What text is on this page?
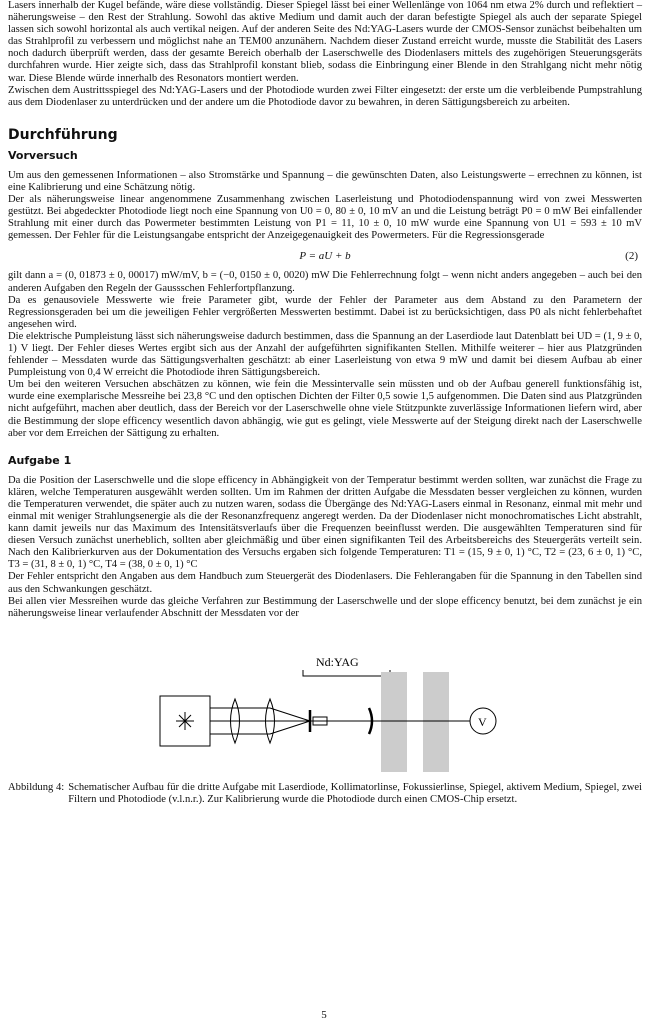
Lasers innerhalb der Kugel befände, wäre diese vollständig. Dieser Spiegel lässt bei einer Wellenlänge von 1064 nm etwa 2% durch und reflektiert – näherungsweise – den Rest der Strahlung. Sowohl das aktive Medium und damit auch der daran befestigte Spiegel als auch der separate Spiegel lassen sich sowohl horizontal als auch vertikal neigen. Auf der anderen Seite des Nd:YAG-Lasers wurde der CMOS-Sensor zunächst beibehalten um das Strahlprofil zu verbessern und möglichst nahe an TEM00 anzunähern. Nachdem dieser Zustand erreicht wurde, musste die Stabilität des Lasers noch dadurch überprüft werden, dass der gesamte Bereich oberhalb der Laserschwelle des Diodenlasers mittels des zugehörigen Steuerungsgeräts durchfahren wurde. Hier zeigte sich, dass das Strahlprofil konstant blieb, sodass die Einbringung einer Blende in den Strahlgang nicht mehr nötig war. Diese Blende würde innerhalb des Resonators montiert werden.

Zwischen dem Austrittsspiegel des Nd:YAG-Lasers und der Photodiode wurden zwei Filter eingesetzt: der erste um die verbleibende Pumpstrahlung aus dem Diodenlaser zu unterdrücken und der andere um die Photodiode davor zu bewahren, in deren Sättigungsbereich zu arbeiten.

Durchführung
Vorversuch

Um aus den gemessenen Informationen – also Stromstärke und Spannung – die gewünschten Daten, also Leistungswerte – errechnen zu können, ist eine Kalibrierung und eine Schätzung nötig.

Der als näherungsweise linear angenommene Zusammenhang zwischen Laserleistung und Photodiodenspannung wird von zwei Messwerten gestützt. Bei abgedeckter Photodiode liegt noch eine Spannung von U0 = 0, 80 ± 0, 10 mV an und die Leistung beträgt P0 = 0 mW Bei einfallender Strahlung mit einer durch das Powermeter bestimmten Leistung von P1 = 11, 10 ± 0, 10 mW wurde eine Spannung von U1 = 593 ± 10 mV gemessen. Der Fehler für die Leistungsangabe entspricht der Anzeigegenauigkeit des Powermeters. Für die Regressionsgerade

P = aU + b	(2)

gilt dann a = (0, 01873 ± 0, 00017) mW/mV, b = (−0, 0150 ± 0, 0020) mW Die Fehlerrechnung folgt – wenn nicht anders angegeben – auch bei den anderen Aufgaben den Regeln der Gaussschen Fehlerfortpflanzung.

Da es genausoviele Messwerte wie freie Parameter gibt, wurde der Fehler der Parameter aus dem Abstand zu den Parametern der Regressionsgeraden bei um die jeweiligen Fehler vergrößerten Messwerten bestimmt. Dabei ist zu berücksichtigen, dass P0 als nicht fehlerbehaftet angesehen wird.

Die elektrische Pumpleistung lässt sich näherungsweise dadurch bestimmen, dass die Spannung an der Laserdiode laut Datenblatt bei UD = (1, 9 ± 0, 1) V liegt. Der Fehler dieses Wertes ergibt sich aus der Anzahl der aufgeführten signifikanten Stellen. Mithilfe weiterer – hier aus Platzgründen fehlender – Messdaten wurde das Sättigungsverhalten geschätzt: ab einer Laserleistung von etwa 9 mW und damit bei diesem Aufbau ab einer Pumpleistung von 0,4 W erreicht die Photodiode ihren Sättigungsbereich.

Um bei den weiteren Versuchen abschätzen zu können, wie fein die Messintervalle sein müssten und ob der Aufbau generell funktionsfähig ist, wurde eine exemplarische Messreihe bei 23,8 °C und den optischen Dichten der Filter 0,5 sowie 1,5 aufgenommen. Die Daten sind aus Platzgründen nicht aufgeführt, machen aber deutlich, dass der Bereich vor der Laserschwelle ohne viele Stützpunkte zuverlässige Informationen liefern wird, aber die Bestimmung der slope efficency wesentlich davon abhängig, wie gut es gelingt, viele Messwerte auf der Steigung direkt nach der Laserschwelle aber vor dem Erreichen der Sättigung zu erhalten.

Aufgabe 1

Da die Position der Laserschwelle und die slope efficency in Abhängigkeit von der Temperatur bestimmt werden sollten, war zunächst die Frage zu klären, welche Temperaturen ausgewählt werden sollten. Um im Rahmen der dritten Aufgabe die Messdaten besser vergleichen zu können, wurden die Temperaturen verwendet, die später auch zu nutzen waren, sodass die Übergänge des Nd:YAG-Lasers einmal in Resonanz, einmal mit mehr und einmal mit weniger Strahlungsenergie als die der Resonanzfrequenz angeregt werden. Da der Diodenlaser nicht monochromatisches Licht abstrahlt, kann damit jeweils nur das Maximum des Intensitätsverlaufs über die Frequenzen beeinflusst werden. Die ausgewählten Temperaturen sind für diesen Versuch zunächst unerheblich, sollten aber gleichmäßig und über einen signifikanten Teil des Arbeitsbereichs des Steuergeräts verteilt sein. Nach den Kalibrierkurven aus der Dokumentation des Versuchs ergaben sich folgende Temperaturen: T1 = (15, 9 ± 0, 1) °C, T2 = (23, 6 ± 0, 1) °C, T3 = (31, 8 ± 0, 1) °C, T4 = (38, 0 ± 0, 1) °C

Der Fehler entspricht den Angaben aus dem Handbuch zum Steuergerät des Diodenlasers. Die Fehlerangaben für die Spannung in den Tabellen sind aus den Schwankungen geschätzt.

Bei allen vier Messreihen wurde das gleiche Verfahren zur Bestimmung der Laserschwelle und der slope efficency benutzt, bei dem zunächst je ein näherungsweise linear verlaufender Abschnitt der Messdaten vor der

Nd:YAG
V
Abbildung 4: Schematischer Aufbau für die dritte Aufgabe mit Laserdiode, Kollimatorlinse, Fokussierlinse, Spiegel, aktivem Medium, Spiegel, zwei Filtern und Photodiode (v.l.n.r.). Zur Kalibrierung wurde die Photodiode durch einen CMOS-Chip ersetzt.
5
